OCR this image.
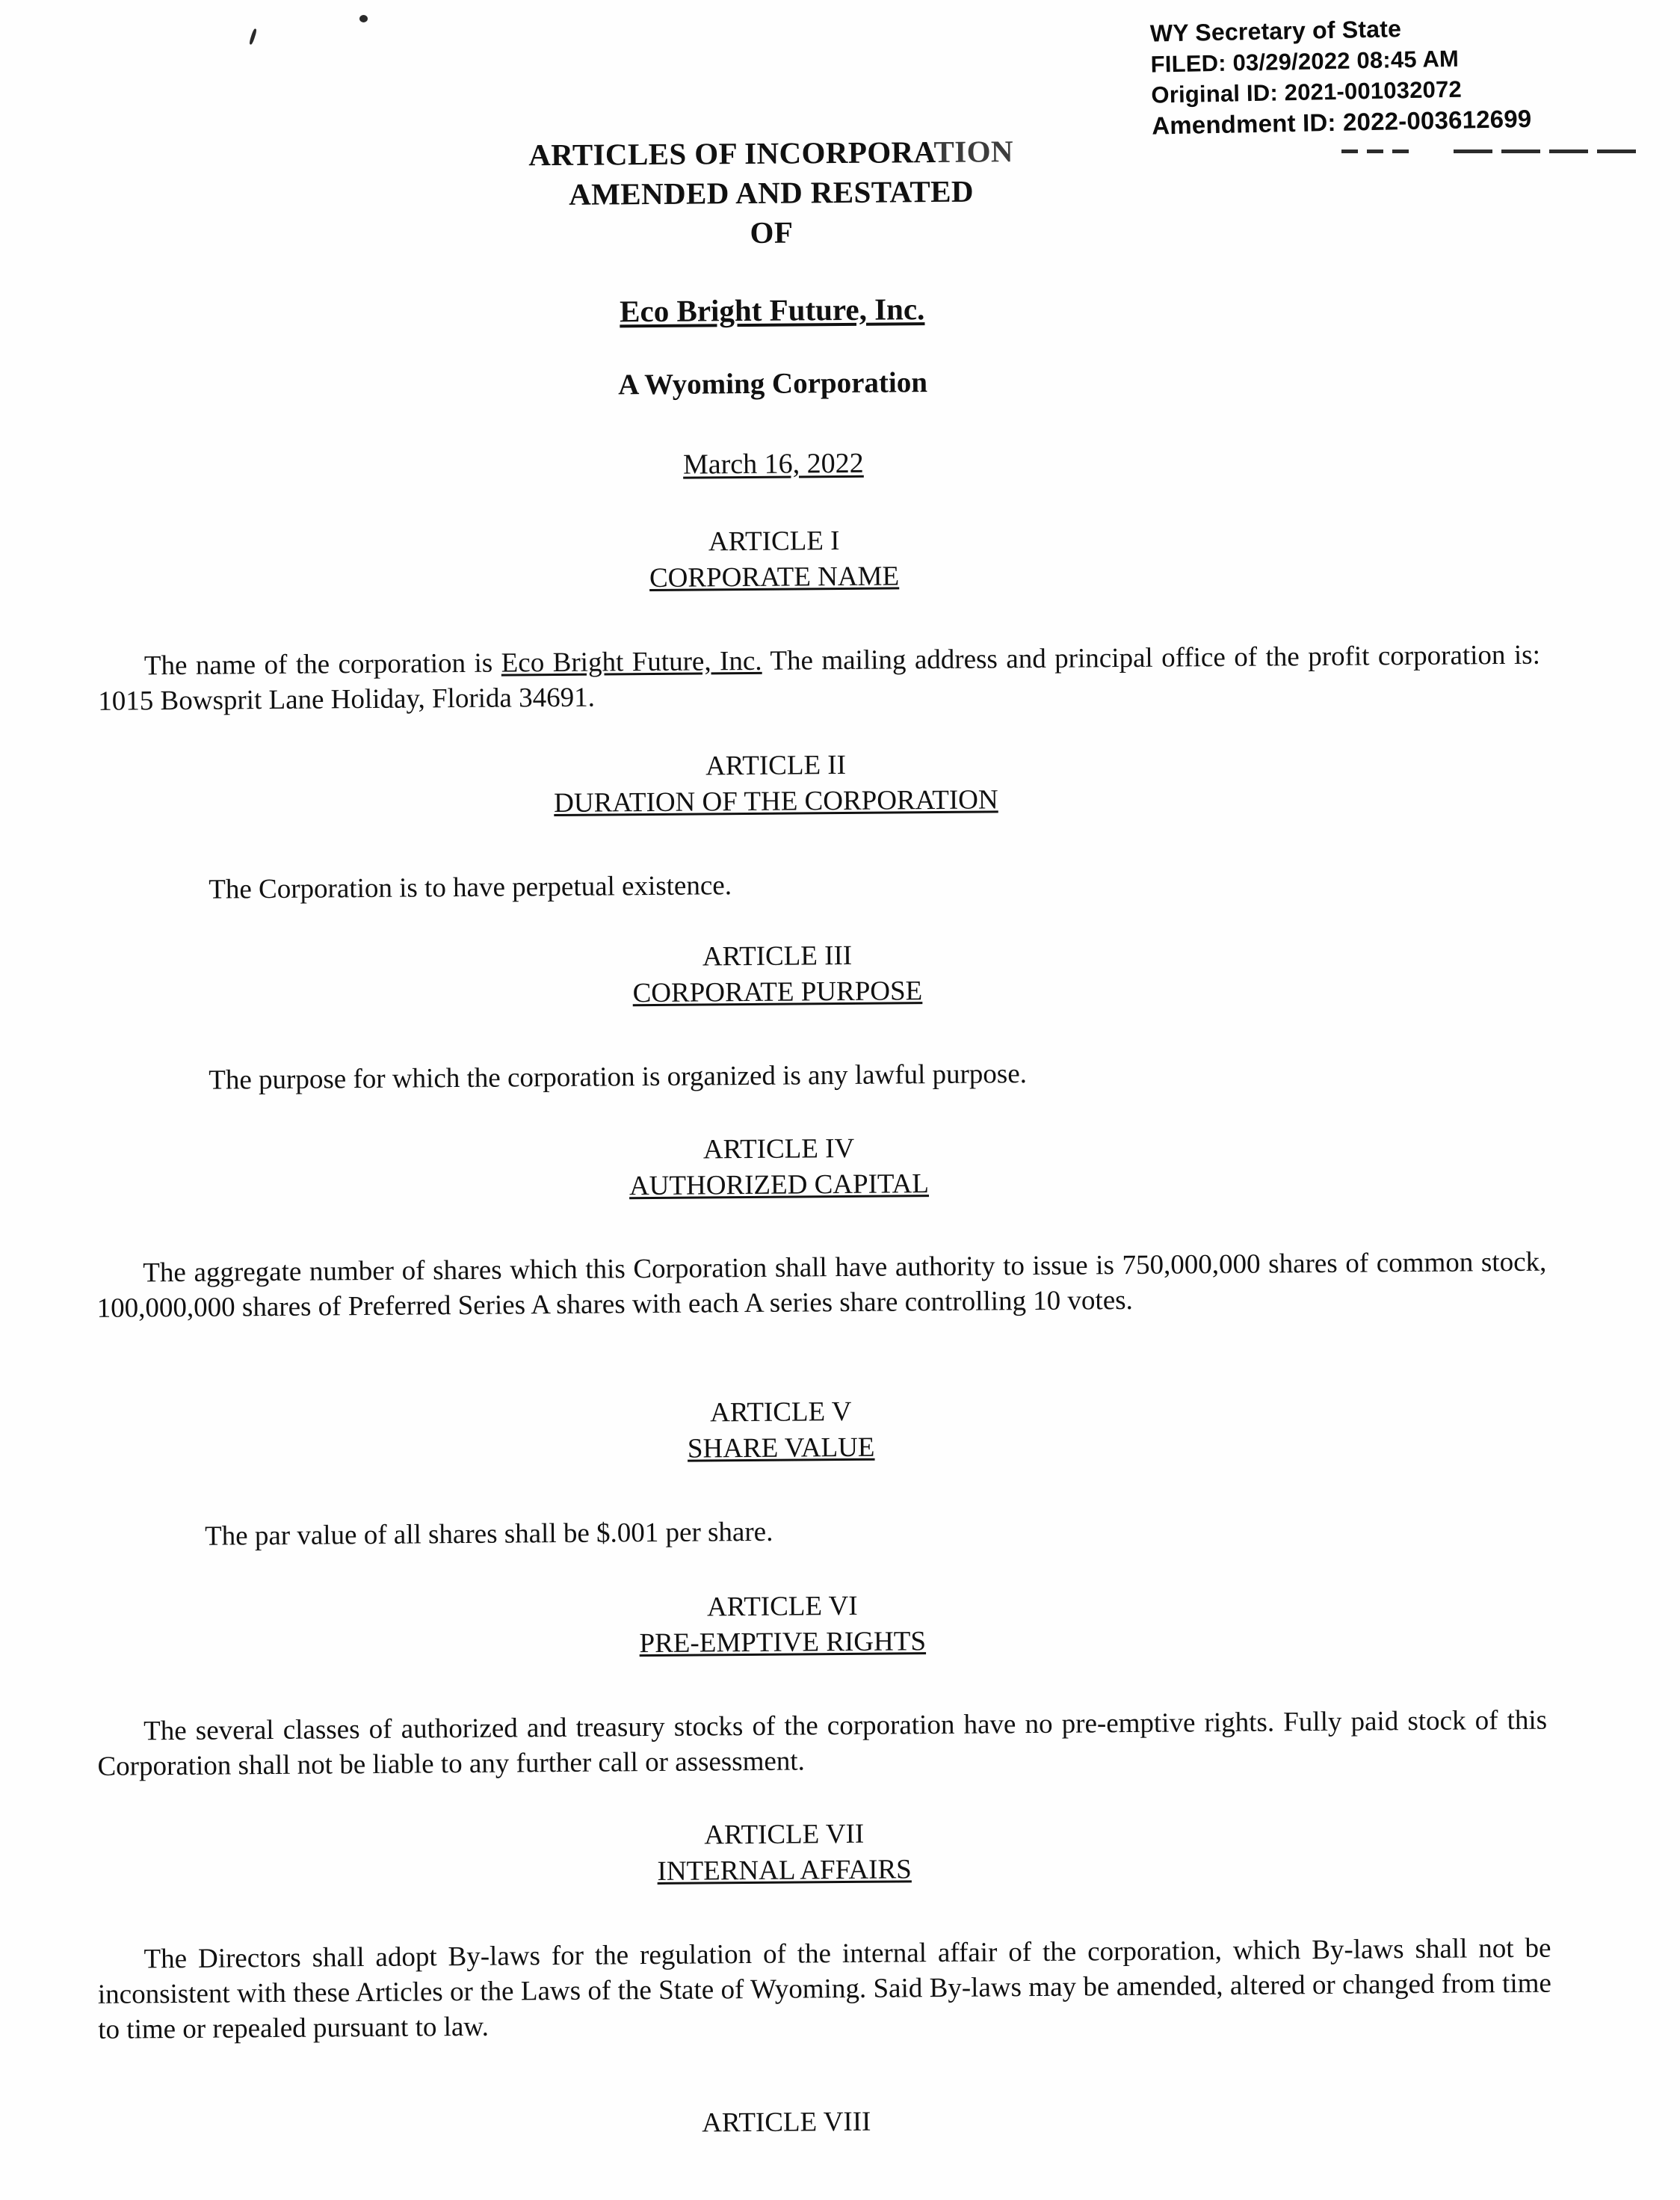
WY Secretary of State
FILED: 03/29/2022 08:45 AM
Original ID: 2021-001032072
Amendment ID: 2022-003612699
ARTICLES OF INCORPORATION
AMENDED AND RESTATED
OF
Eco Bright Future, Inc.
A Wyoming Corporation
March 16, 2022
ARTICLE I
CORPORATE NAME
The name of the corporation is Eco Bright Future, Inc. The mailing address and principal office of the profit corporation is: 1015 Bowsprit Lane Holiday, Florida 34691.
ARTICLE II
DURATION OF THE CORPORATION
The Corporation is to have perpetual existence.
ARTICLE III
CORPORATE PURPOSE
The purpose for which the corporation is organized is any lawful purpose.
ARTICLE IV
AUTHORIZED CAPITAL
The aggregate number of shares which this Corporation shall have authority to issue is 750,000,000 shares of common stock, 100,000,000 shares of Preferred Series A shares with each A series share controlling 10 votes.
ARTICLE V
SHARE VALUE
The par value of all shares shall be $.001 per share.
ARTICLE VI
PRE-EMPTIVE RIGHTS
The several classes of authorized and treasury stocks of the corporation have no pre-emptive rights. Fully paid stock of this Corporation shall not be liable to any further call or assessment.
ARTICLE VII
INTERNAL AFFAIRS
The Directors shall adopt By-laws for the regulation of the internal affair of the corporation, which By-laws shall not be inconsistent with these Articles or the Laws of the State of Wyoming. Said By-laws may be amended, altered or changed from time to time or repealed pursuant to law.
ARTICLE VIII
